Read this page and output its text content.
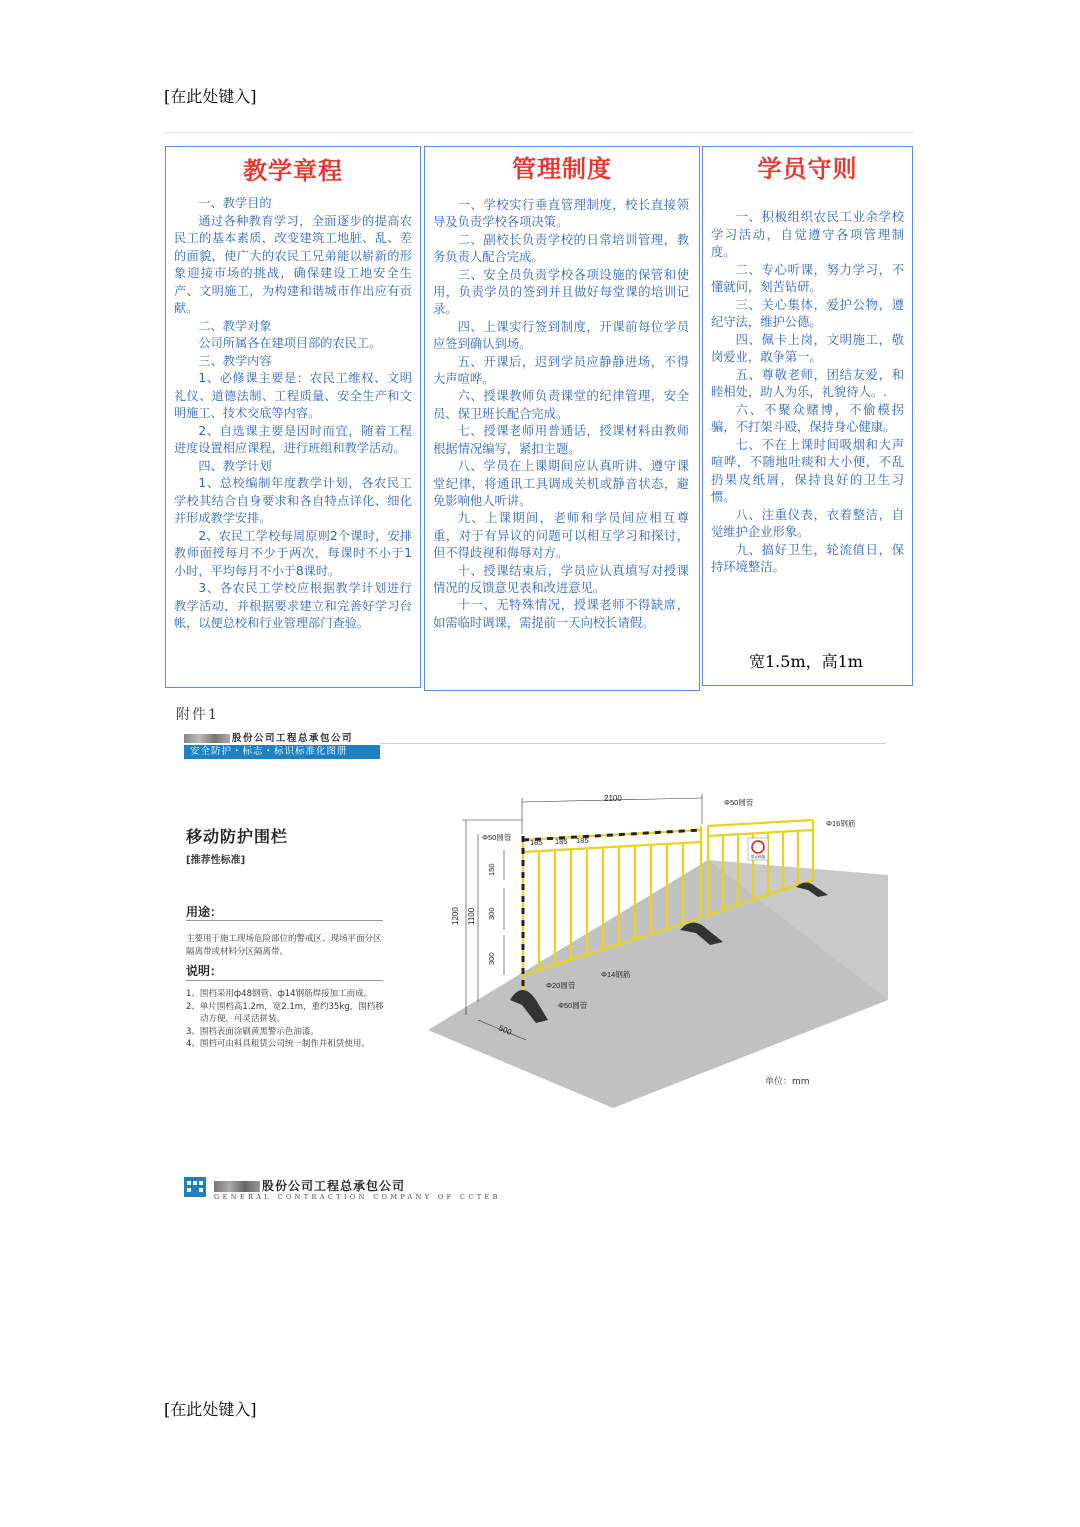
[在此处键入]
教学章程

一、教学目的

通过各种教育学习，全面逐步的提高农民工的基本素质，改变建筑工地脏、乱、差的面貌，使广大的农民工兄弟能以崭新的形象迎接市场的挑战，确保建设工地安全生产、文明施工，为构建和谐城市作出应有贡献。

二、教学对象

公司所属各在建项目部的农民工。

三、教学内容

1、必修课主要是：农民工维权、文明礼仪、道德法制、工程质量、安全生产和文明施工、技术交底等内容。

2、自选课主要是因时而宜，随着工程进度设置相应课程，进行班组和教学活动。

四、教学计划

1、总校编制年度教学计划，各农民工学校其结合自身要求和各自特点详化、细化并形成教学安排。

2、农民工学校每周原则2个课时，安排教师面授每月不少于两次，每课时不小于1小时，平均每月不小于8课时。

3、各农民工学校应根据教学计划进行教学活动，并根据要求建立和完善好学习台帐，以便总校和行业管理部门查验。

管理制度

一、学校实行垂直管理制度，校长直接领导及负责学校各项决策。

二、副校长负责学校的日常培训管理，教务负责人配合完成。

三、安全员负责学校各项设施的保管和使用，负责学员的签到并且做好每堂课的培训记录。

四、上课实行签到制度，开课前每位学员应签到确认到场。

五、开课后，迟到学员应静静进场，不得大声喧哗。

六、授课教师负责课堂的纪律管理，安全员、保卫班长配合完成。

七、授课老师用普通话，授课材料由教师根据情况编写，紧扣主题。

八、学员在上课期间应认真听讲、遵守课堂纪律，将通讯工具调成关机或静音状态，避免影响他人听讲。

九、上课期间，老师和学员间应相互尊重，对于有异议的问题可以相互学习和探讨，但不得歧视和侮辱对方。

十、授课结束后，学员应认真填写对授课情况的反馈意见表和改进意见。

十一、无特殊情况，授课老师不得缺席，如需临时调课，需提前一天向校长请假。

学员守则

一、积极组织农民工业余学校学习活动，自觉遵守各项管理制度。

二、专心听课，努力学习，不懂就问，刻苦钻研。

三、关心集体，爱护公物，遵纪守法，维护公德。

四、佩卡上岗，文明施工，敬岗爱业，敢争第一。

五、尊敬老师，团结友爱，和睦相处，助人为乐，礼貌待人。.

六、不聚众赌博，不偷模拐骗，不打架斗殴，保持身心健康。

七、不在上课时间吸烟和大声喧哗，不随地吐痰和大小便，不乱扔果皮纸屑，保持良好的卫生习惯。

八、注重仪表，衣着整洁，自觉维护企业形象。

九、搞好卫生，轮流值日，保持环境整洁。

宽1.5m，高1m
附件1
股份公司工程总承包公司
安全防护・标志・标识标准化图册
移动防护围栏
[推荐性标准]
用途：
主要用于施工现场危险部位的警戒区、现场平面分区隔离带或材料分区隔离带。
说明：

1、围档采用ф48钢管、ф14钢筋焊接加工而成。

2、单片围档高1.2m，宽2.1m，重约35kg，围档移动方便，可灵活拼装。

3、围档表面涂刷黄黑警示色油漆。

4、围档可由料具租赁公司统一制作并租赁使用。

禁止跨越
2100	Φ50圆管
Φ16钢筋
Φ50圆管
185 185 185
150
300
300
1200 1100
Φ14钢筋
Φ20圆管
Φ50圆管
500
单位：mm
股份公司工程总承包公司
GENERAL CONTRACTION COMPANY OF CCTEB
[在此处键入]
